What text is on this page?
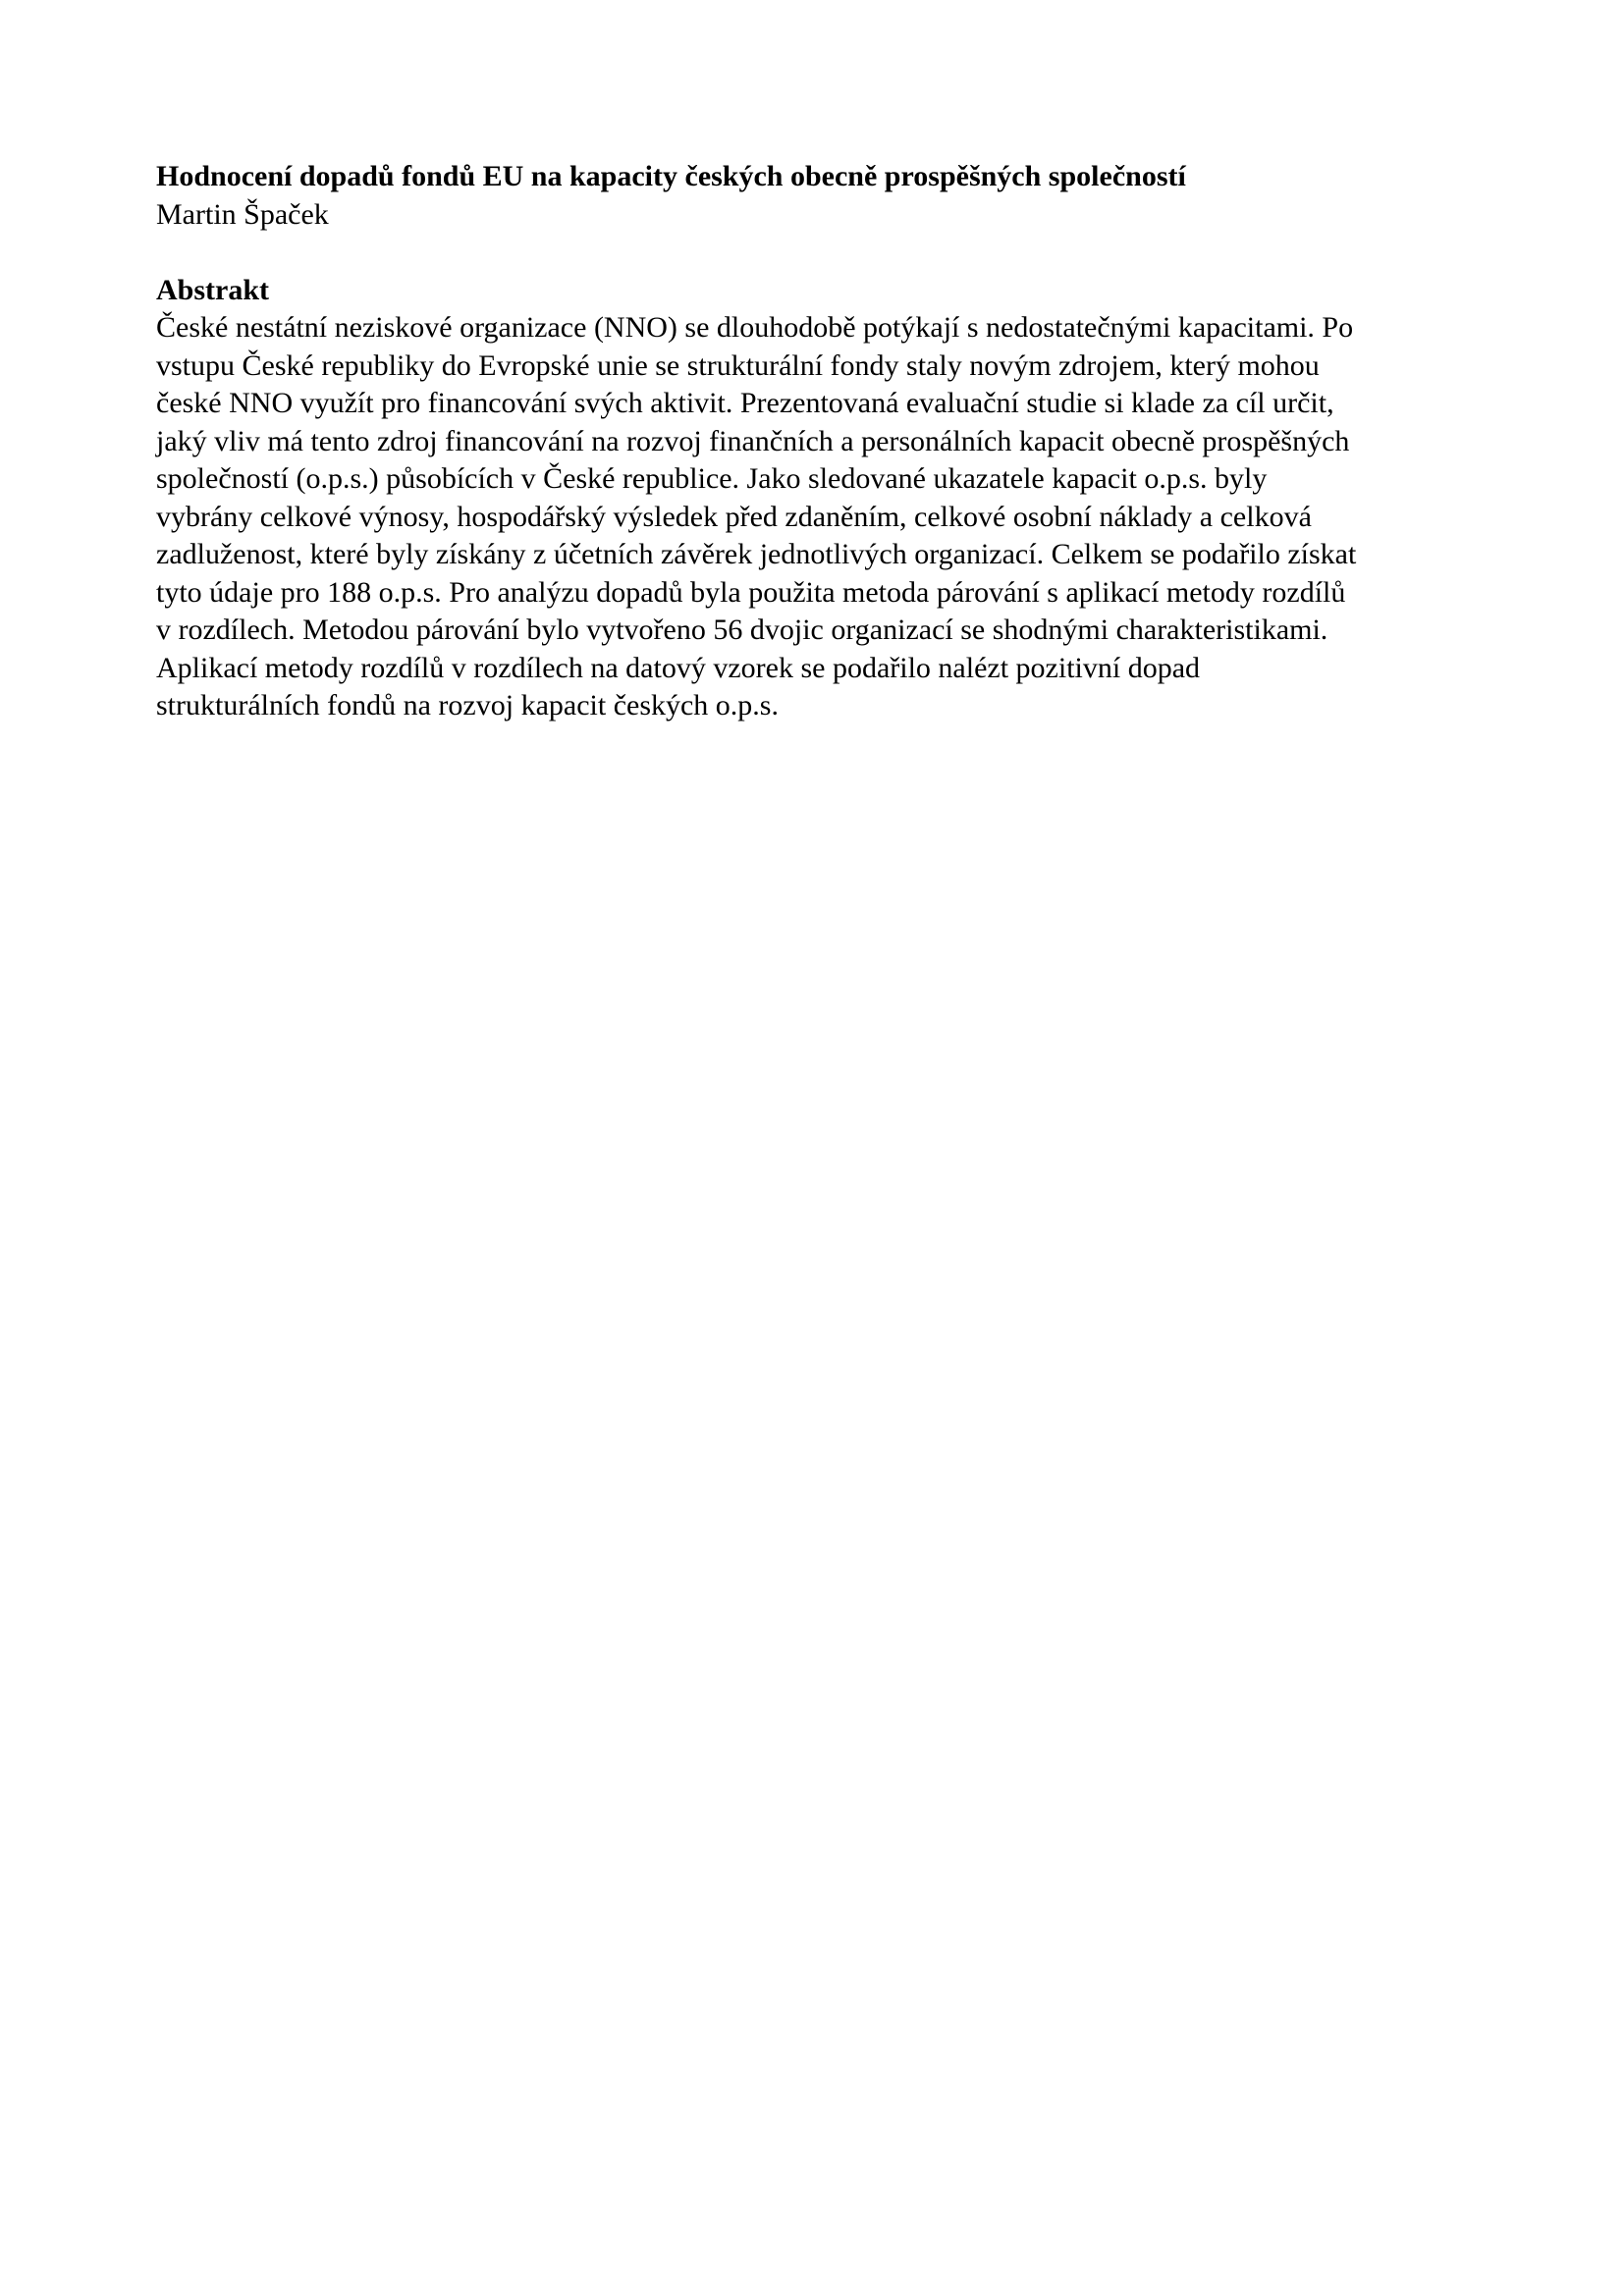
Hodnocení dopadů fondů EU na kapacity českých obecně prospěšných společností

Martin Špaček

Abstrakt

České nestátní neziskové organizace (NNO) se dlouhodobě potýkají s nedostatečnými kapacitami. Po
vstupu České republiky do Evropské unie se strukturální fondy staly novým zdrojem, který mohou
české NNO využít pro financování svých aktivit. Prezentovaná evaluační studie si klade za cíl určit,
jaký vliv má tento zdroj financování na rozvoj finančních a personálních kapacit obecně prospěšných
společností (o.p.s.) působících v České republice. Jako sledované ukazatele kapacit o.p.s. byly
vybrány celkové výnosy, hospodářský výsledek před zdaněním, celkové osobní náklady a celková
zadluženost, které byly získány z účetních závěrek jednotlivých organizací. Celkem se podařilo získat
tyto údaje pro 188 o.p.s. Pro analýzu dopadů byla použita metoda párování s aplikací metody rozdílů
v rozdílech. Metodou párování bylo vytvořeno 56 dvojic organizací se shodnými charakteristikami.
Aplikací metody rozdílů v rozdílech na datový vzorek se podařilo nalézt pozitivní dopad
strukturálních fondů na rozvoj kapacit českých o.p.s.
